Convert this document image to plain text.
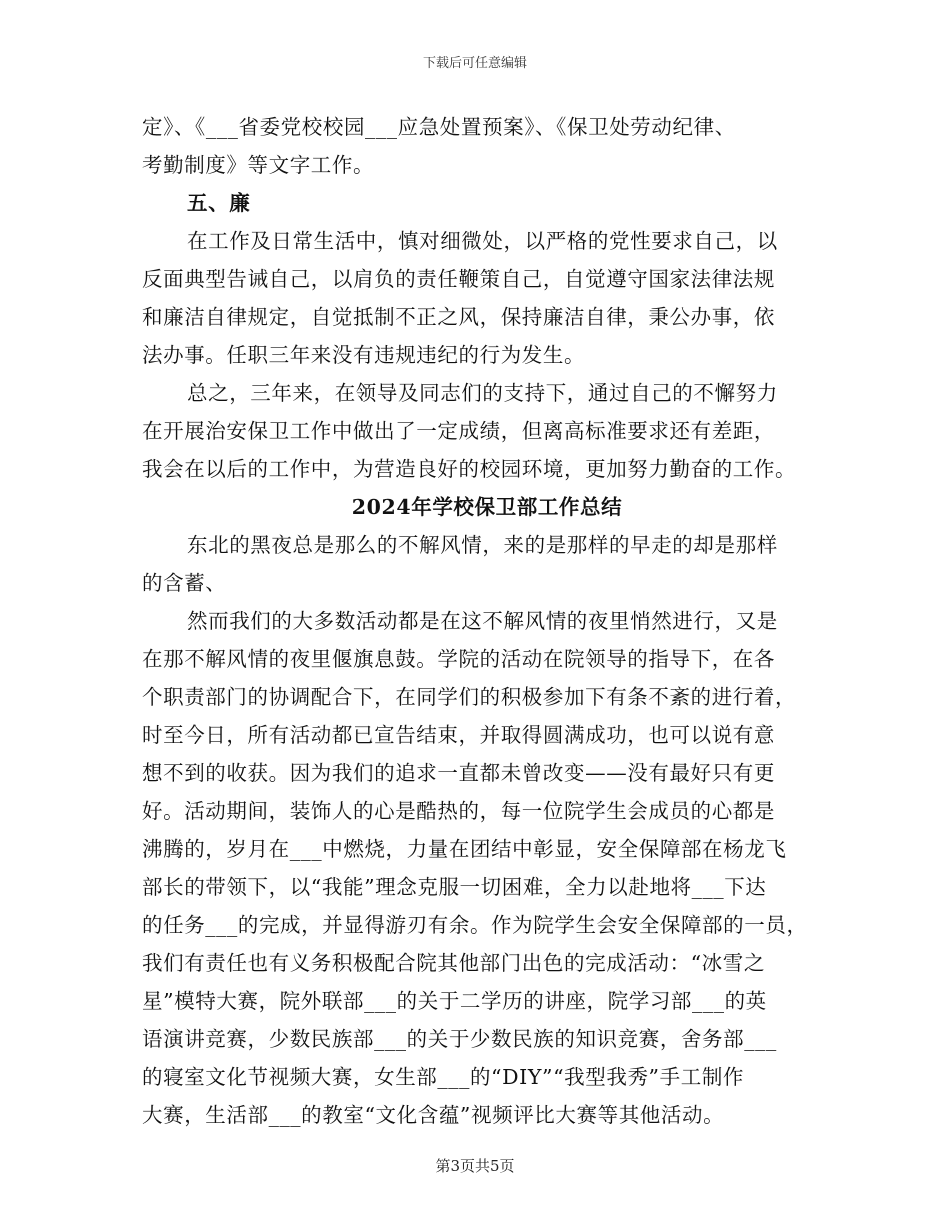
下载后可任意编辑
定》、《___省委党校校园___应急处置预案》、《保卫处劳动纪律、
考勤制度》等文字工作。
五、廉
在工作及日常生活中，慎对细微处，以严格的党性要求自己，以
反面典型告诫自己，以肩负的责任鞭策自己，自觉遵守国家法律法规
和廉洁自律规定，自觉抵制不正之风，保持廉洁自律，秉公办事，依
法办事。任职三年来没有违规违纪的行为发生。
总之，三年来，在领导及同志们的支持下，通过自己的不懈努力
在开展治安保卫工作中做出了一定成绩，但离高标准要求还有差距，
我会在以后的工作中，为营造良好的校园环境，更加努力勤奋的工作。
2024年学校保卫部工作总结
东北的黑夜总是那么的不解风情，来的是那样的早走的却是那样
的含蓄、
然而我们的大多数活动都是在这不解风情的夜里悄然进行，又是
在那不解风情的夜里偃旗息鼓。学院的活动在院领导的指导下，在各
个职责部门的协调配合下，在同学们的积极参加下有条不紊的进行着，
时至今日，所有活动都已宣告结束，并取得圆满成功，也可以说有意
想不到的收获。因为我们的追求一直都未曾改变——没有最好只有更
好。活动期间，装饰人的心是酷热的，每一位院学生会成员的心都是
沸腾的，岁月在___中燃烧，力量在团结中彰显，安全保障部在杨龙飞
部长的带领下，以“我能”理念克服一切困难，全力以赴地将___下达
的任务___的完成，并显得游刃有余。作为院学生会安全保障部的一员，
我们有责任也有义务积极配合院其他部门出色的完成活动：“冰雪之
星”模特大赛，院外联部___的关于二学历的讲座，院学习部___的英
语演讲竞赛，少数民族部___的关于少数民族的知识竞赛，舍务部___
的寝室文化节视频大赛，女生部___的“DIY”“我型我秀”手工制作
大赛，生活部___的教室“文化含蕴”视频评比大赛等其他活动。
第3页共5页
